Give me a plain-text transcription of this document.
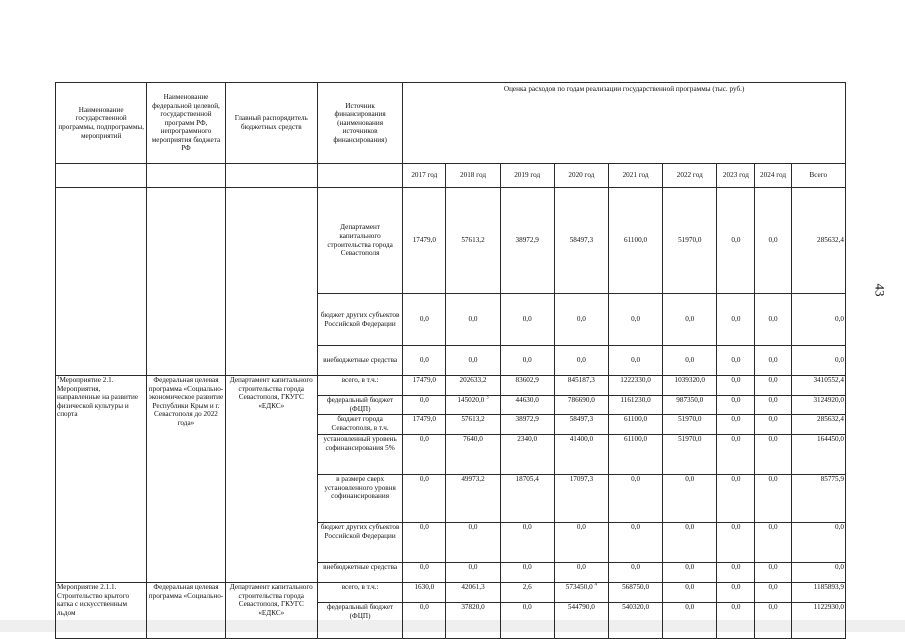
43
Наименование государственной программы, подпрограммы, мероприятий	Наименование федеральной целевой, государственной программ РФ, непрограммного мероприятия бюджета РФ	Главный распорядитель бюджетных средств	Источник финансирования (наименования источников финансирования)	Оценка расходов по годам реализации государственной программы (тыс. руб.)								
				2017 год	2018 год	2019 год	2020 год	2021 год	2022 год	2023 год	2024 год	Всего
			Департамент капитального строительства города Севастополя	17479,0	57613,2	38972,9	58497,3	61100,0	51970,0	0,0	0,0	285632,4
			бюджет других субъектов Российской Федерации	0,0	0,0	0,0	0,0	0,0	0,0	0,0	0,0	0,0
			внебюджетные средства	0,0	0,0	0,0	0,0	0,0	0,0	0,0	0,0	0,0
$^1$Мероприятие 2.1. Мероприятия, направленные на развитие физической культуры и спорта	Федеральная целевая программа «Социально-экономическое развитие Республики Крым и г. Севастополя до 2022 года»	Департамент капитального строительства города Севастополя, ГКУГС «ЕДКС»	всего, в т.ч.:	17479,0	202633,2	83602,9	845187,3	1222330,0	1039320,0	0,0	0,0	3410552,4
			федеральный бюджет (ФЦП)	0,0	145020,0 $^3$	44630,0	786690,0	1161230,0	987350,0	0,0	0,0	3124920,0
			бюджет города Севастополя, в т.ч.	17479,0	57613,2	38972,9	58497,3	61100,0	51970,0	0,0	0,0	285632,4
			установленный уровень софинансирования 5%	0,0	7640,0	2340,0	41400,0	61100,0	51970,0	0,0	0,0	164450,0
			в размере сверх установленного уровня софинансирования	0,0	49973,2	18705,4	17097,3	0,0	0,0	0,0	0,0	85775,9
			бюджет других субъектов Российской Федерации	0,0	0,0	0,0	0,0	0,0	0,0	0,0	0,0	0,0
			внебюджетные средства	0,0	0,0	0,0	0,0	0,0	0,0	0,0	0,0	0,0
Мероприятие 2.1.1. Строительство крытого катка с искусственным льдом	Федеральная целевая программа «Социально-	Департамент капитального строительства города Севастополя, ГКУГС «ЕДКС»	всего, в т.ч.:	1630,0	42061,3	2,6	573450,0 $^4$	568750,0	0,0	0,0	0,0	1185893,9
			федеральный бюджет (ФЦП)	0,0	37820,0	0,0	544790,0	540320,0	0,0	0,0	0,0	1122930,0
